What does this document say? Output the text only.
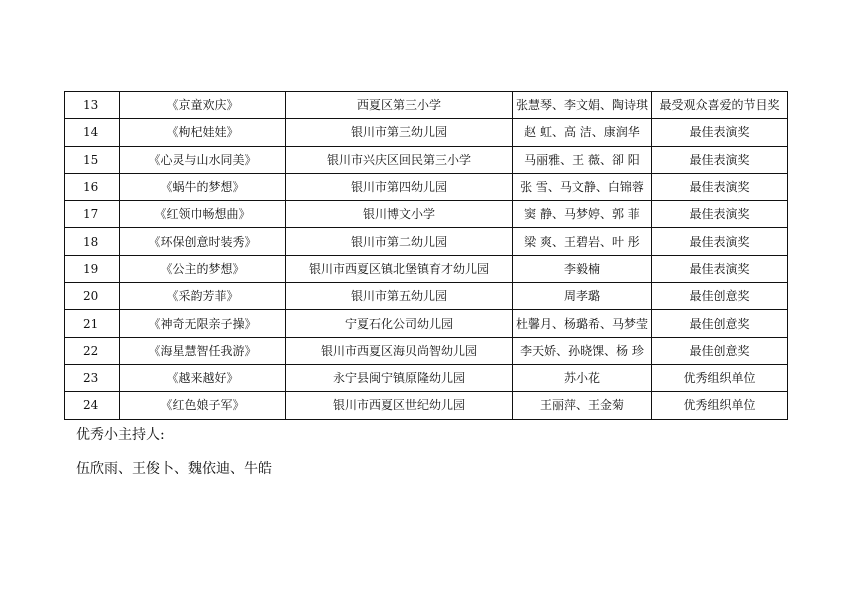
13	《京童欢庆》	西夏区第三小学	张慧琴、李文娟、陶诗琪	最受观众喜爱的节目奖
14	《枸杞娃娃》	银川市第三幼儿园	赵 虹、高 洁、康润华	最佳表演奖
15	《心灵与山水同美》	银川市兴庆区回民第三小学	马丽雅、王 薇、卻 阳	最佳表演奖
16	《蜗牛的梦想》	银川市第四幼儿园	张 雪、马文静、白锦蓉	最佳表演奖
17	《红领巾畅想曲》	银川博文小学	窦 静、马梦婷、郭 菲	最佳表演奖
18	《环保创意时装秀》	银川市第二幼儿园	梁 爽、王碧岩、叶 彤	最佳表演奖
19	《公主的梦想》	银川市西夏区镇北堡镇育才幼儿园	李毅楠	最佳表演奖
20	《采韵芳菲》	银川市第五幼儿园	周孝璐	最佳创意奖
21	《神奇无限亲子操》	宁夏石化公司幼儿园	杜馨月、杨璐希、马梦莹	最佳创意奖
22	《海星慧智任我游》	银川市西夏区海贝尚智幼儿园	李天娇、孙晓馃、杨 珍	最佳创意奖
23	《越来越好》	永宁县闽宁镇原隆幼儿园	苏小花	优秀组织单位
24	《红色娘子军》	银川市西夏区世纪幼儿园	王丽萍、王金菊	优秀组织单位

优秀小主持人:

伍欣雨、王俊卜、魏依迪、牛皓
